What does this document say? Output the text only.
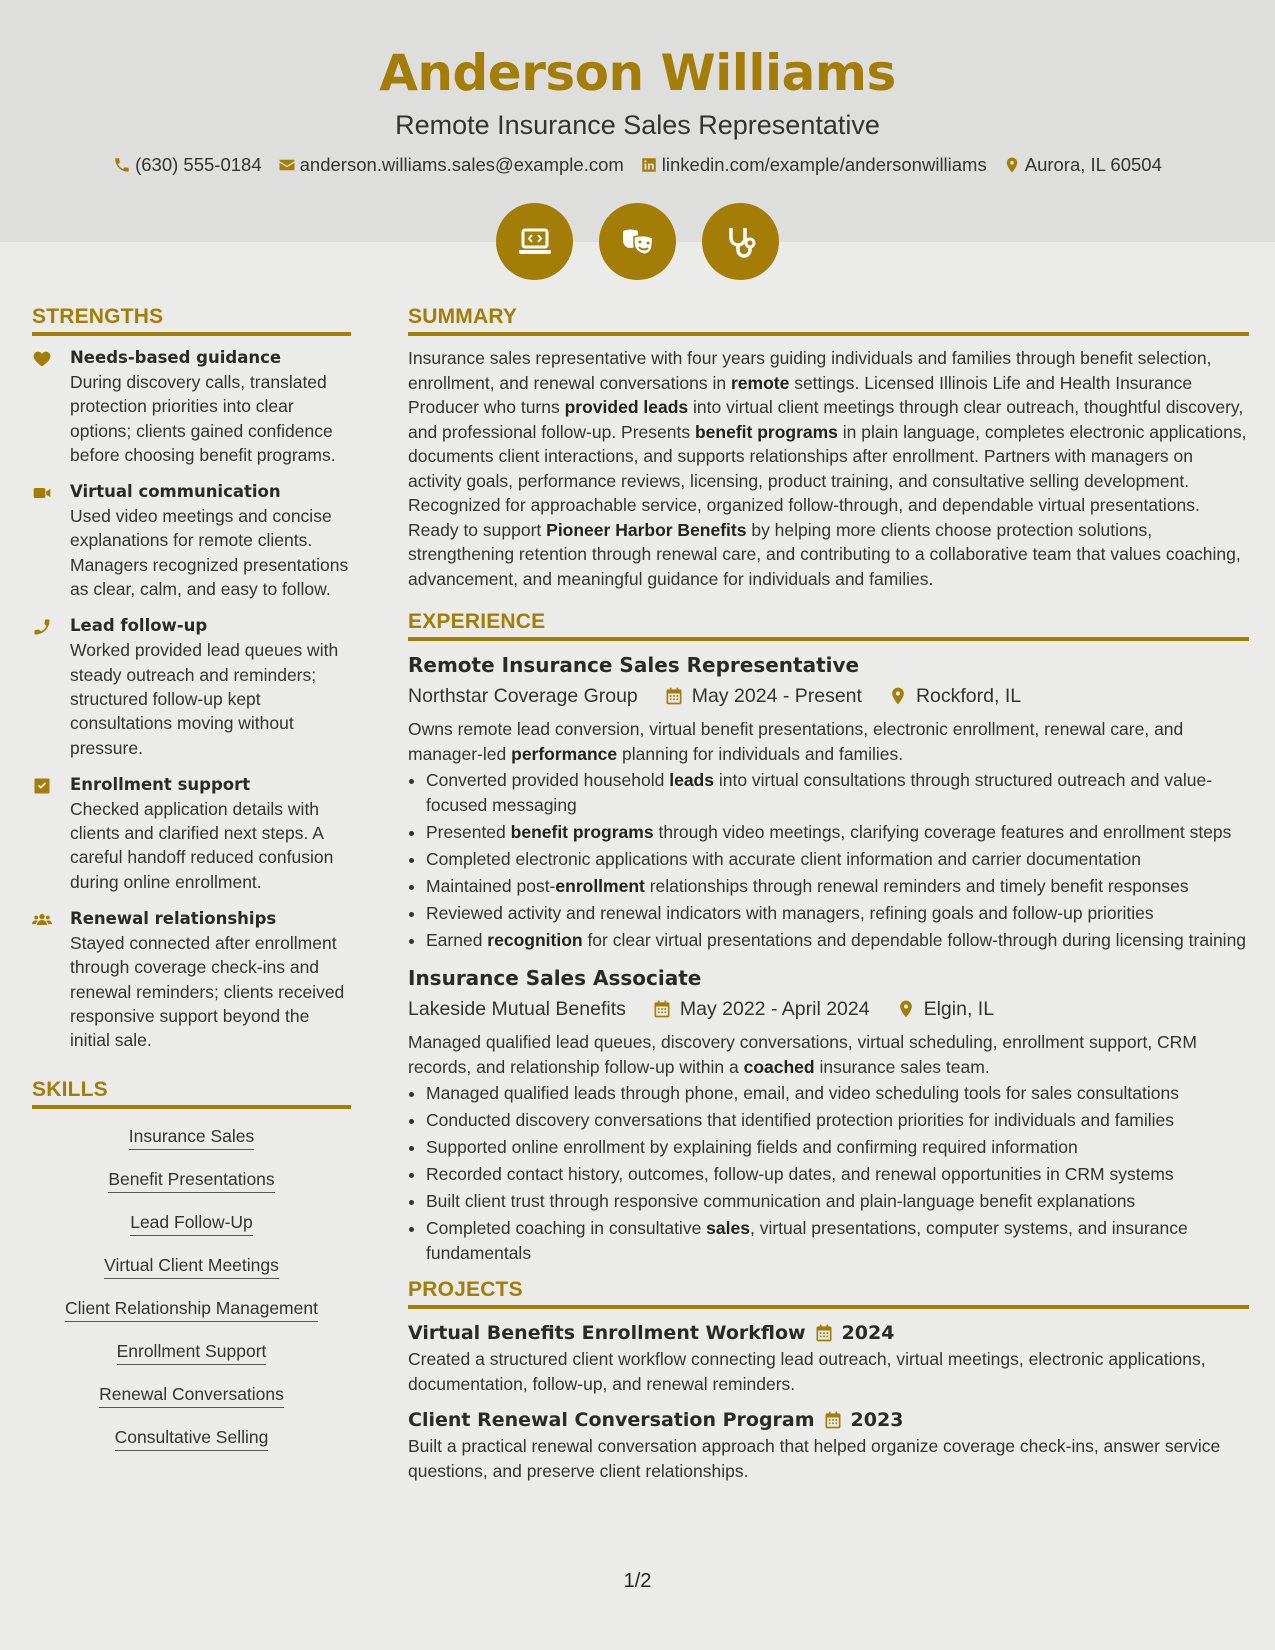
Anderson Williams
Remote Insurance Sales Representative
(630) 555-0184 anderson.williams.sales@example.com linkedin.com/example/andersonwilliams Aurora, IL 60504
STRENGTHS
Needs-based guidance
During discovery calls, translated protection priorities into clear options; clients gained confidence before choosing benefit programs.
Virtual communication
Used video meetings and concise explanations for remote clients. Managers recognized presentations as clear, calm, and easy to follow.
Lead follow-up
Worked provided lead queues with steady outreach and reminders; structured follow-up kept consultations moving without pressure.
Enrollment support
Checked application details with clients and clarified next steps. A careful handoff reduced confusion during online enrollment.
Renewal relationships
Stayed connected after enrollment through coverage check-ins and renewal reminders; clients received responsive support beyond the initial sale.
SKILLS
Insurance Sales
Benefit Presentations
Lead Follow-Up
Virtual Client Meetings
Client Relationship Management
Enrollment Support
Renewal Conversations
Consultative Selling
SUMMARY

Insurance sales representative with four years guiding individuals and families through benefit selection, enrollment, and renewal conversations in remote settings. Licensed Illinois Life and Health Insurance Producer who turns provided leads into virtual client meetings through clear outreach, thoughtful discovery, and professional follow-up. Presents benefit programs in plain language, completes electronic applications, documents client interactions, and supports relationships after enrollment. Partners with managers on activity goals, performance reviews, licensing, product training, and consultative selling development. Recognized for approachable service, organized follow-through, and dependable virtual presentations. Ready to support Pioneer Harbor Benefits by helping more clients choose protection solutions, strengthening retention through renewal care, and contributing to a collaborative team that values coaching, advancement, and meaningful guidance for individuals and families.

EXPERIENCE
Remote Insurance Sales Representative
Northstar Coverage Group	May 2024 - Present	Rockford, IL

Owns remote lead conversion, virtual benefit presentations, electronic enrollment, renewal care, and manager-led performance planning for individuals and families.

• Converted provided household leads into virtual consultations through structured outreach and value-focused messaging
• Presented benefit programs through video meetings, clarifying coverage features and enrollment steps
• Completed electronic applications with accurate client information and carrier documentation
• Maintained post-enrollment relationships through renewal reminders and timely benefit responses
• Reviewed activity and renewal indicators with managers, refining goals and follow-up priorities
• Earned recognition for clear virtual presentations and dependable follow-through during licensing training
Insurance Sales Associate
Lakeside Mutual Benefits	May 2022 - April 2024	Elgin, IL

Managed qualified lead queues, discovery conversations, virtual scheduling, enrollment support, CRM records, and relationship follow-up within a coached insurance sales team.

• Managed qualified leads through phone, email, and video scheduling tools for sales consultations
• Conducted discovery conversations that identified protection priorities for individuals and families
• Supported online enrollment by explaining fields and confirming required information
• Recorded contact history, outcomes, follow-up dates, and renewal opportunities in CRM systems
• Built client trust through responsive communication and plain-language benefit explanations
• Completed coaching in consultative sales, virtual presentations, computer systems, and insurance fundamentals
PROJECTS
Virtual Benefits Enrollment Workflow 2024

Created a structured client workflow connecting lead outreach, virtual meetings, electronic applications, documentation, follow-up, and renewal reminders.

Client Renewal Conversation Program 2023

Built a practical renewal conversation approach that helped organize coverage check-ins, answer service questions, and preserve client relationships.

1/2
